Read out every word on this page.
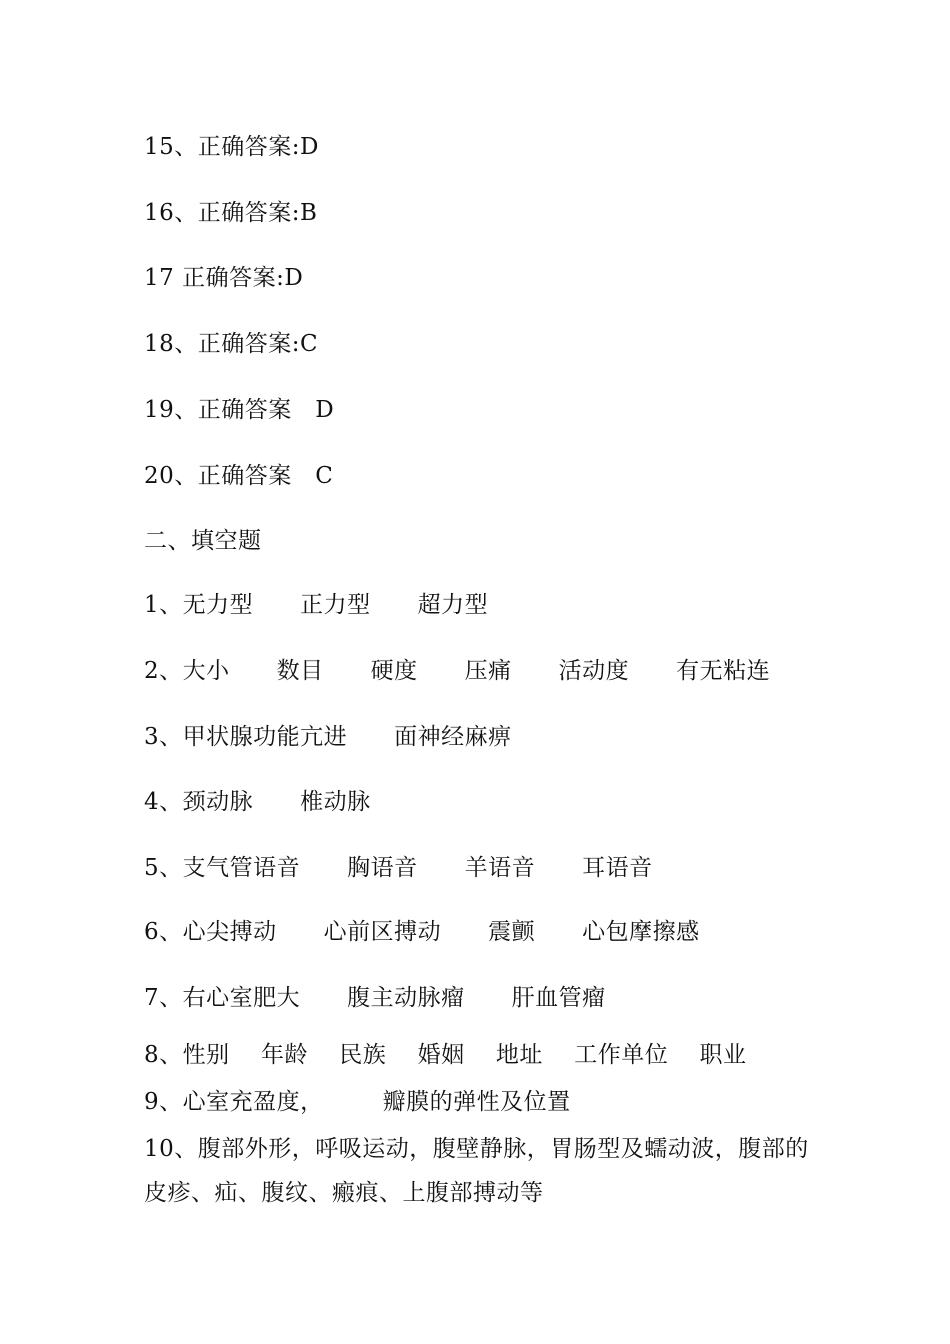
15、正确答案:D
16、正确答案:B
17 正确答案:D
18、正确答案:C
19、正确答案　D
20、正确答案　C
二、填空题
1、无力型　　正力型　　超力型
2、大小　　数目　　硬度　　压痛　　活动度　　有无粘连
3、甲状腺功能亢进　　面神经麻痹
4、颈动脉　　椎动脉
5、支气管语音　　胸语音　　羊语音　　耳语音
6、心尖搏动　　心前区搏动　　震颤　　心包摩擦感
7、右心室肥大　　腹主动脉瘤　　肝血管瘤
8、性别　 年龄　 民族　 婚姻　 地址　 工作单位　 职业
9、心室充盈度，　　　瓣膜的弹性及位置
10、腹部外形，呼吸运动，腹壁静脉，胃肠型及蠕动波，腹部的皮疹、疝、腹纹、瘢痕、上腹部搏动等
